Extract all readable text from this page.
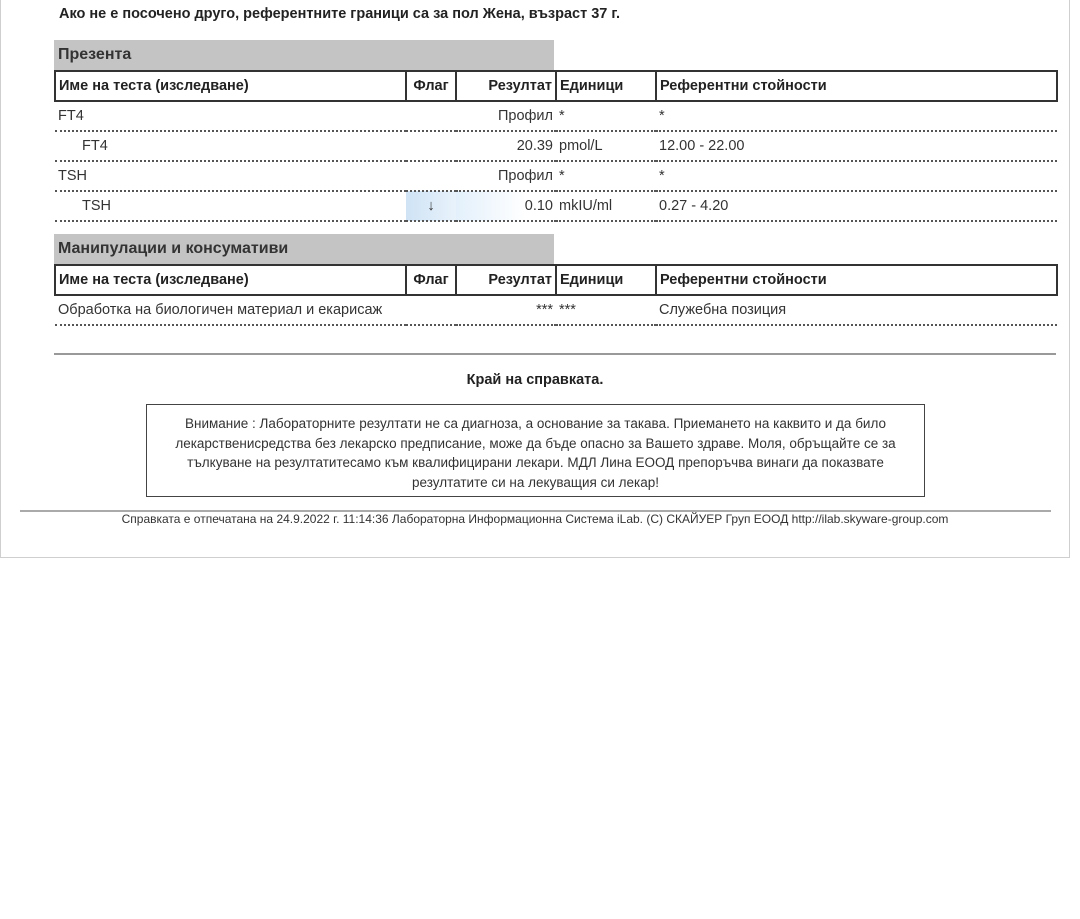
Ако не е посочено друго, референтните граници са за пол Жена, възраст 37 г.
Презента
Име на теста (изследване)	Флаг	Резултат	Единици	Референтни стойности
FT4		Профил	*	*
FT4		20.39	pmol/L	12.00 - 22.00
TSH		Профил	*	*
TSH	↓	0.10	mkIU/ml	0.27 - 4.20
Манипулации и консумативи
Име на теста (изследване)	Флаг	Резултат	Единици	Референтни стойности
Обработка на биологичен материал и екарисаж		***	***	Служебна позиция
Край на справката.
Внимание : Лабораторните резултати не са диагноза, а основание за такава. Приемането на каквито и да било
лекарственисредства без лекарско предписание, може да бъде опасно за Вашето здраве. Моля, обръщайте се за
тълкуване на резултатитесамо към квалифицирани лекари. МДЛ Лина ЕООД препоръчва винаги да показвате
резултатите си на лекуващия си лекар!
Справката е отпечатана на 24.9.2022 г. 11:14:36 Лабораторна Информационна Система iLab. (C) СКАЙУЕР Груп ЕООД http://ilab.skyware-group.com
